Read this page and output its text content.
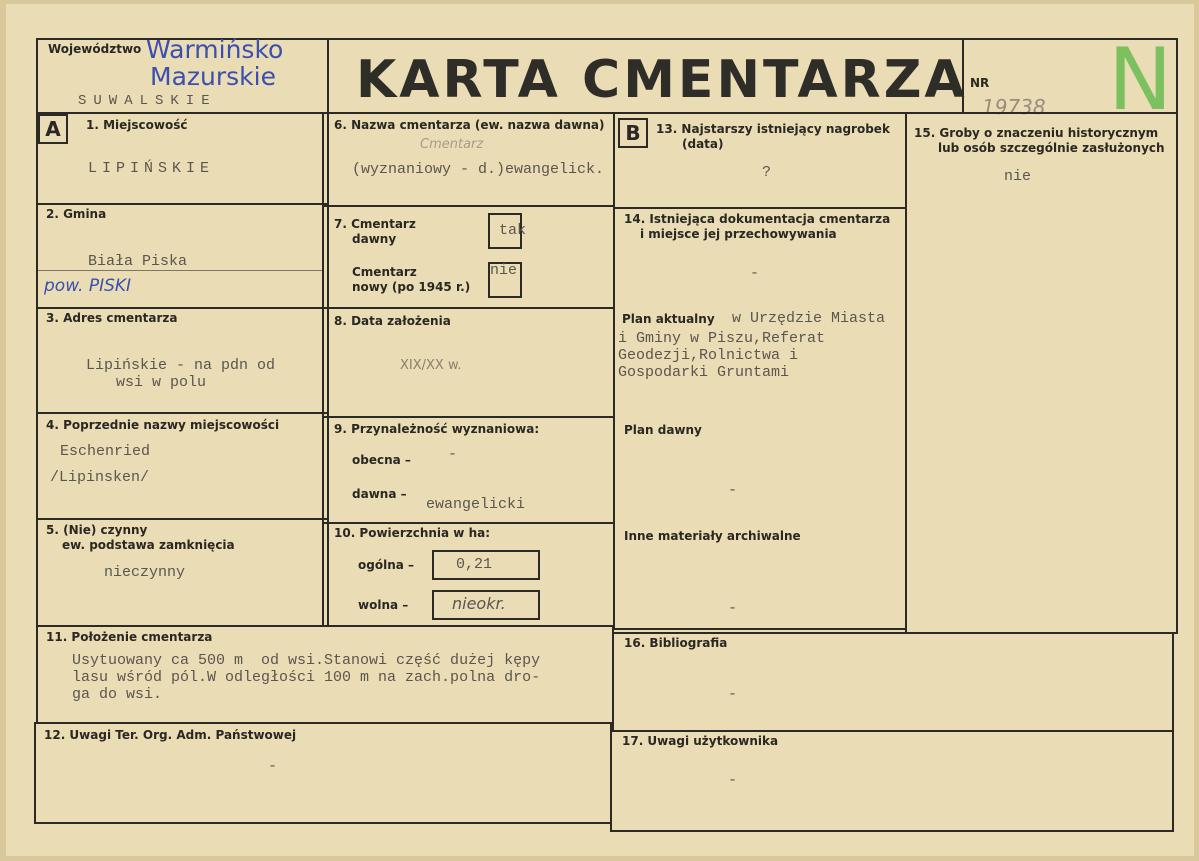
Województwo Warmińsko
Mazurskie
SUWALSKIE	KARTA CMENTARZA NR
19738 N
A	1. Miejscowość
LIPIŃSKIE
2. Gmina
Biała Piska
pow. PISKI
3. Adres cmentarza
Lipińskie - na pdn od
wsi w polu
4. Poprzednie nazwy miejscowości
Eschenried
/Lipinsken/
5. (Nie) czynny
ew. podstawa zamknięcia
nieczynny
6. Nazwa cmentarza (ew. nazwa dawna)
Cmentarz
(wyznaniowy - d.)ewangelick.
7. Cmentarz
dawny	tak
Cmentarz
nowy (po 1945 r.)
nie
8. Data założenia
XIX/XX w.
9. Przynależność wyznaniowa:
obecna – -
dawna –
ewangelicki
10. Powierzchnia w ha:
ogólna –	0,21
wolna –	nieokr.
11. Położenie cmentarza
Usytuowany ca 500 m  od wsi.Stanowi część dużej kępy
lasu wśród pól.W odległości 100 m na zach.polna dro-
ga do wsi.
12. Uwagi Ter. Org. Adm. Państwowej
-
B	13. Najstarszy istniejący nagrobek
(data)
?
14. Istniejąca dokumentacja cmentarza
i miejsce jej przechowywania
-
Plan aktualny w Urzędzie Miasta
i Gminy w Piszu,Referat
Geodezji,Rolnictwa i
Gospodarki Gruntami
Plan dawny
-
Inne materiały archiwalne
-
15. Groby o znaczeniu historycznym
lub osób szczególnie zasłużonych
nie
16. Bibliografia
-
17. Uwagi użytkownika
-
